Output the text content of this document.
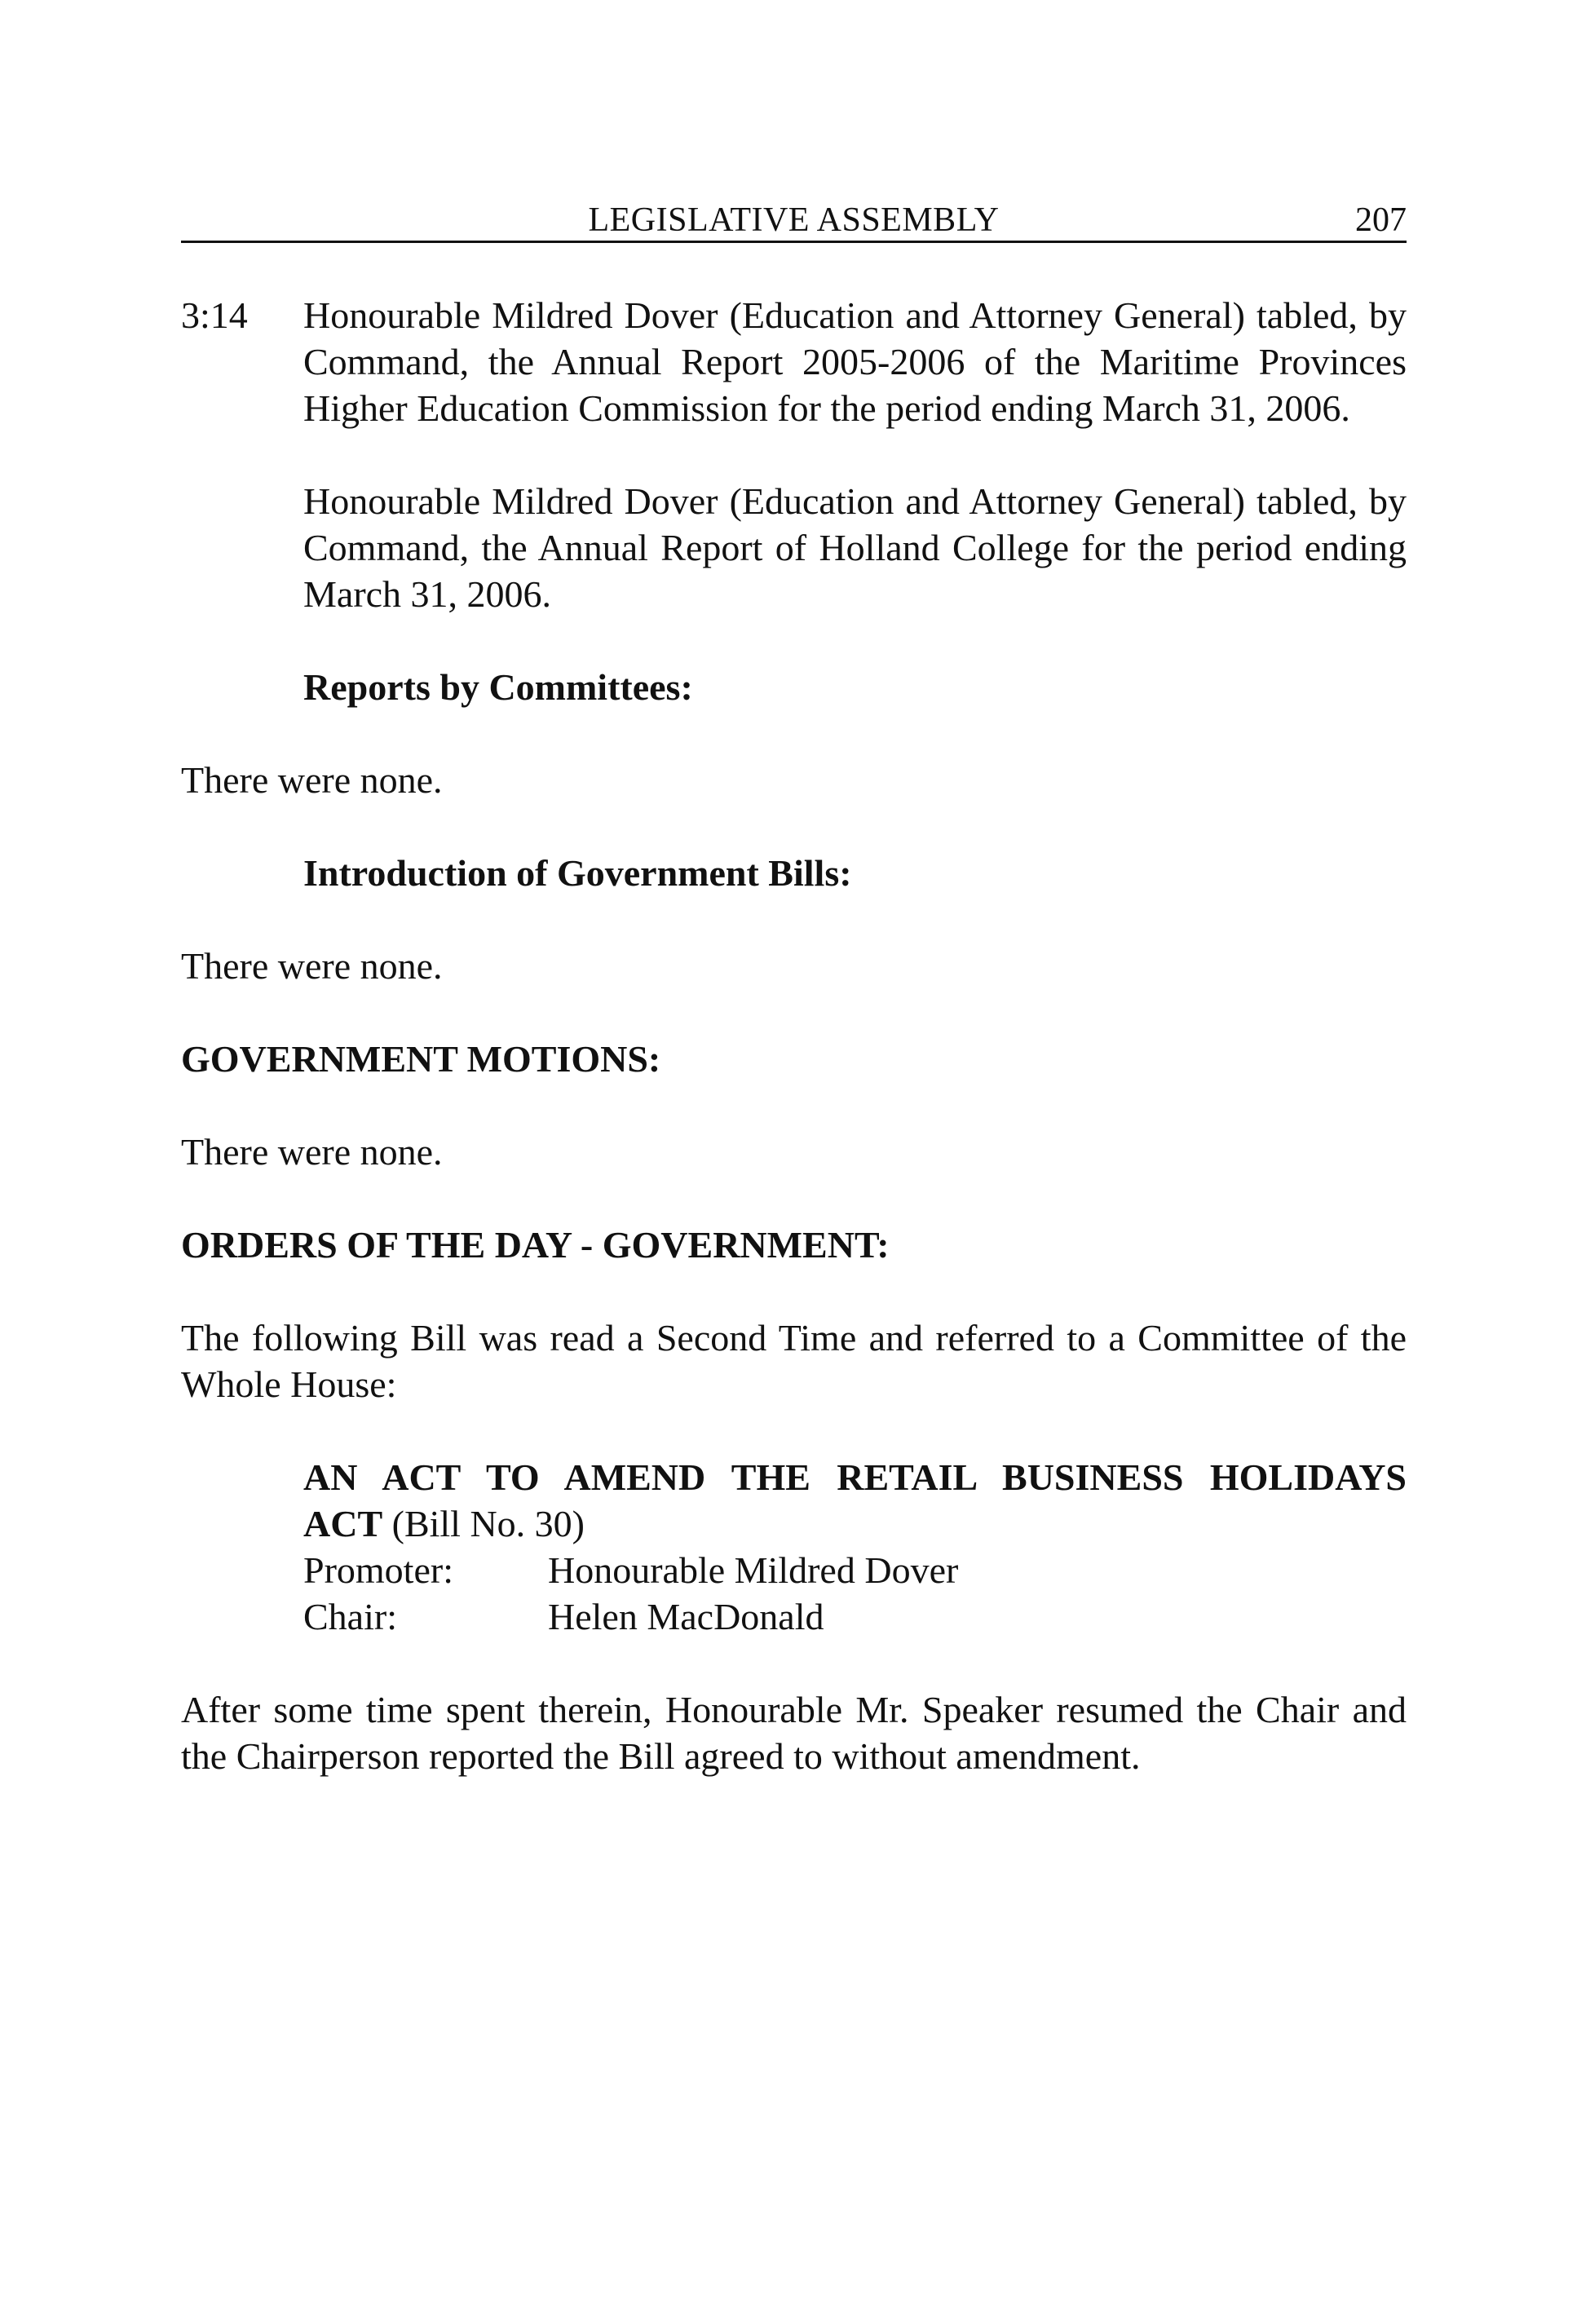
LEGISLATIVE ASSEMBLY	207
3:14 Honourable Mildred Dover (Education and Attorney General) tabled, by Command, the Annual Report 2005-2006 of the Maritime Provinces Higher Education Commission for the period ending March 31, 2006.
Honourable Mildred Dover (Education and Attorney General) tabled, by Command, the Annual Report of Holland College for the period ending March 31, 2006.
Reports by Committees:
There were none.
Introduction of Government Bills:
There were none.
GOVERNMENT MOTIONS:
There were none.
ORDERS OF THE DAY - GOVERNMENT:
The following Bill was read a Second Time and referred to a Committee of the Whole House:
AN ACT TO AMEND THE RETAIL BUSINESS HOLIDAYS
ACT (Bill No. 30)
Promoter:	Honourable Mildred Dover
Chair:	Helen MacDonald
After some time spent therein, Honourable Mr. Speaker resumed the Chair and the Chairperson reported the Bill agreed to without amendment.
